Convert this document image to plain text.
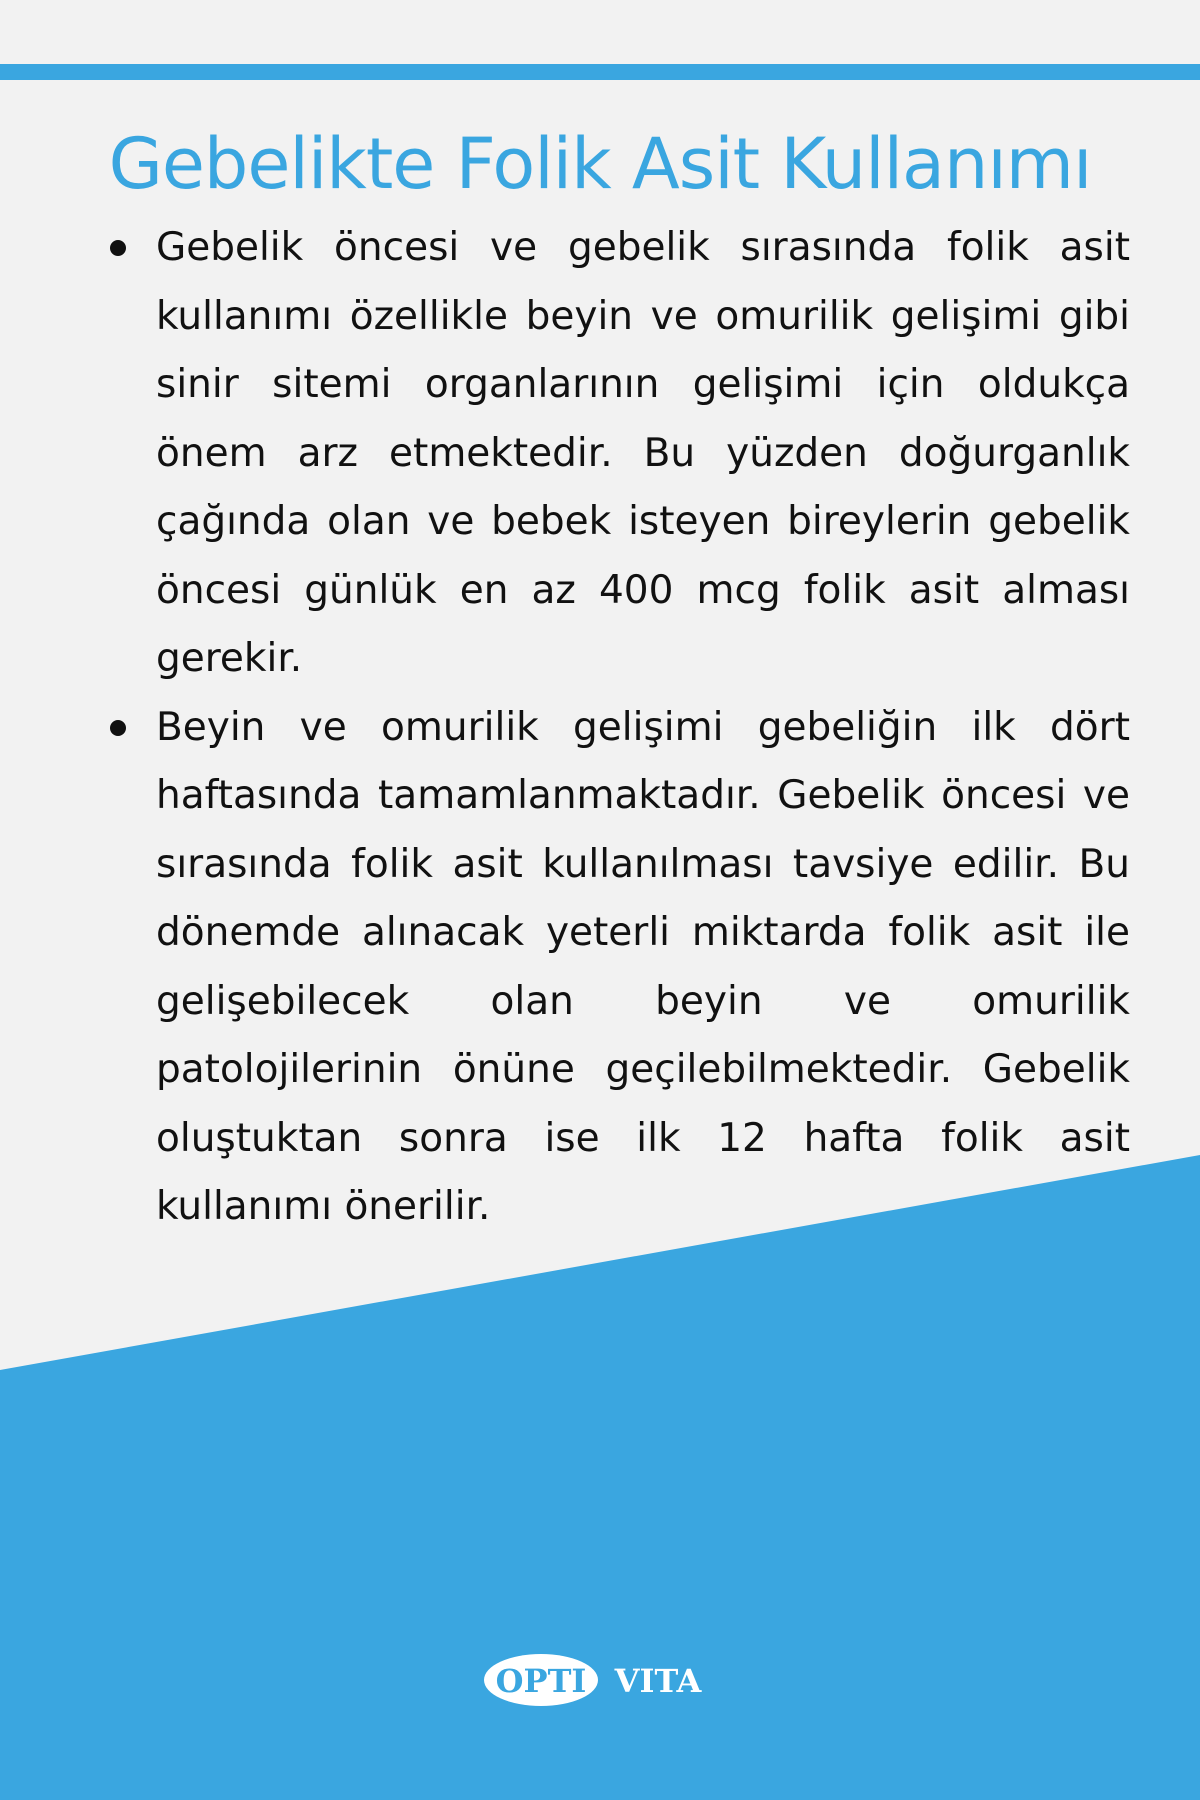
Gebelikte Folik Asit Kullanımı
Gebelik öncesi ve gebelik sırasında folik asit kullanımı özellikle beyin ve omurilik gelişimi gibi sinir sitemi organlarının gelişimi için oldukça önem arz etmektedir. Bu yüzden doğurganlık çağında olan ve bebek isteyen bireylerin gebelik öncesi günlük en az 400 mcg folik asit alması gerekir.
Beyin ve omurilik gelişimi gebeliğin ilk dört haftasında tamamlanmaktadır. Gebelik öncesi ve sırasında folik asit kullanılması tavsiye edilir. Bu dönemde alınacak yeterli miktarda folik asit ile gelişebilecek olan beyin ve omurilik patolojilerinin önüne geçilebilmektedir. Gebelik oluştuktan sonra ise ilk 12 hafta folik asit kullanımı önerilir.
OPTI VITA
